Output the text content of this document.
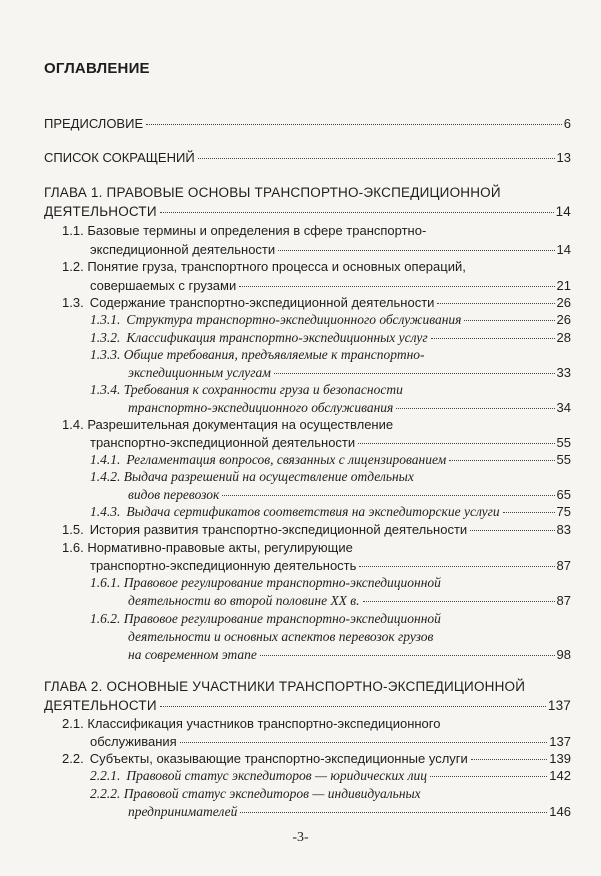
ОГЛАВЛЕНИЕ
ПРЕДИСЛОВИЕ	6
СПИСОК СОКРАЩЕНИЙ	13
ГЛАВА 1. ПРАВОВЫЕ ОСНОВЫ ТРАНСПОРТНО-ЭКСПЕДИЦИОННОЙ
ДЕЯТЕЛЬНОСТИ	14
1.1. Базовые термины и определения в сфере транспортно-
экспедиционной деятельности	14
1.2. Понятие груза, транспортного процесса и основных операций,
совершаемых с грузами	21
1.3. Содержание транспортно-экспедиционной деятельности	26
1.3.1. Структура транспортно-экспедиционного обслуживания	26
1.3.2. Классификация транспортно-экспедиционных услуг	28
1.3.3. Общие требования, предъявляемые к транспортно-
экспедиционным услугам	33
1.3.4. Требования к сохранности груза и безопасности
транспортно-экспедиционного обслуживания	34
1.4. Разрешительная документация на осуществление
транспортно-экспедиционной деятельности	55
1.4.1. Регламентация вопросов, связанных с лицензированием	55
1.4.2. Выдача разрешений на осуществление отдельных
видов перевозок	65
1.4.3. Выдача сертификатов соответствия на экспедиторские услуги	75
1.5. История развития транспортно-экспедиционной деятельности	83
1.6. Нормативно-правовые акты, регулирующие
транспортно-экспедиционную деятельность	87
1.6.1. Правовое регулирование транспортно-экспедиционной
деятельности во второй половине XX в.	87
1.6.2. Правовое регулирование транспортно-экспедиционной
деятельности и основных аспектов перевозок грузов
на современном этапе	98
ГЛАВА 2. ОСНОВНЫЕ УЧАСТНИКИ ТРАНСПОРТНО-ЭКСПЕДИЦИОННОЙ
ДЕЯТЕЛЬНОСТИ	137
2.1. Классификация участников транспортно-экспедиционного
обслуживания	137
2.2. Субъекты, оказывающие транспортно-экспедиционные услуги	139
2.2.1. Правовой статус экспедиторов — юридических лиц	142
2.2.2. Правовой статус экспедиторов — индивидуальных
предпринимателей	146
-3-
